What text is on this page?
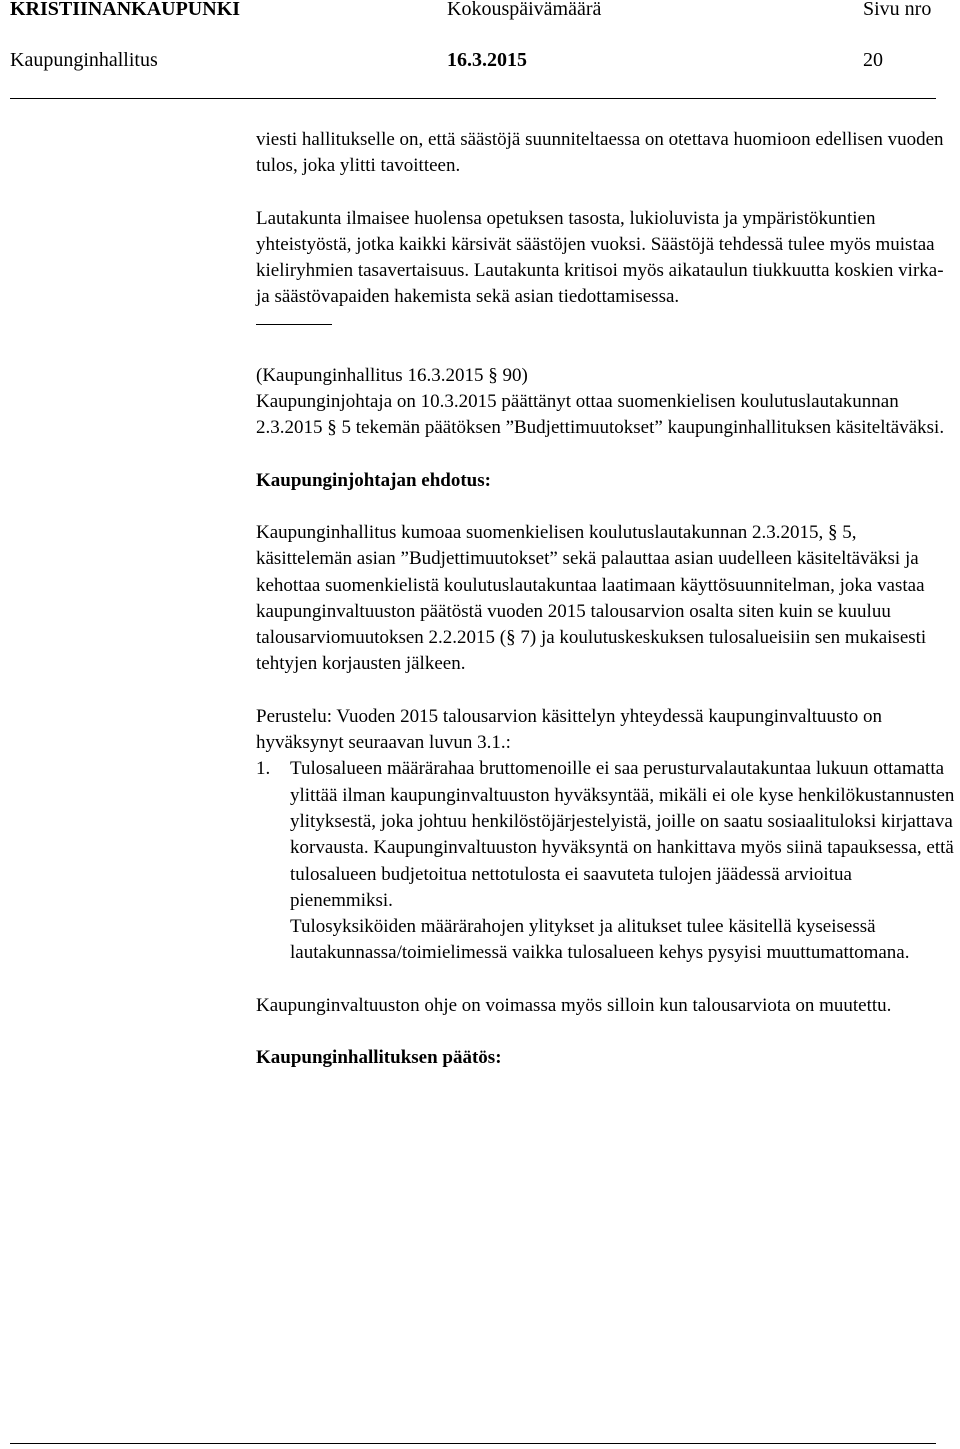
KRISTIINANKAUPUNKI	Kokouspäivämäärä	Sivu nro
Kaupunginhallitus	16.3.2015	20

viesti hallitukselle on, että säästöjä suunniteltaessa on otettava huomioon edellisen vuoden tulos, joka ylitti tavoitteen.

Lautakunta ilmaisee huolensa opetuksen tasosta, lukioluvista ja ympäristökuntien yhteistyöstä, jotka kaikki kärsivät säästöjen vuoksi. Säästöjä tehdessä tulee myös muistaa kieliryhmien tasavertaisuus. Lautakunta kritisoi myös aikataulun tiukkuutta koskien virka- ja säästövapaiden hakemista sekä asian tiedottamisessa.

(Kaupunginhallitus 16.3.2015 § 90)

Kaupunginjohtaja on 10.3.2015 päättänyt ottaa suomenkielisen koulutuslautakunnan 2.3.2015 § 5 tekemän päätöksen ”Budjettimuutokset” kaupunginhallituksen käsiteltäväksi.

Kaupunginjohtajan ehdotus:

Kaupunginhallitus kumoaa suomenkielisen koulutuslautakunnan 2.3.2015, § 5, käsittelemän asian ”Budjettimuutokset” sekä palauttaa asian uudelleen käsiteltäväksi ja kehottaa suomenkielistä koulutuslautakuntaa laatimaan käyttösuunnitelman, joka vastaa kaupunginvaltuuston päätöstä vuoden 2015 talousarvion osalta siten kuin se kuuluu talousarviomuutoksen 2.2.2015 (§ 7) ja koulutuskeskuksen tulosalueisiin sen mukaisesti tehtyjen korjausten jälkeen.

Perustelu: Vuoden 2015 talousarvion käsittelyn yhteydessä kaupunginvaltuusto on hyväksynyt seuraavan luvun 3.1.:

1. Tulosalueen määrärahaa bruttomenoille ei saa perusturvalautakuntaa lukuun ottamatta ylittää ilman kaupunginvaltuuston hyväksyntää, mikäli ei ole kyse henkilökustannusten ylityksestä, joka johtuu henkilöstöjärjestelyistä, joille on saatu sosiaalituloksi kirjattava korvausta. Kaupunginvaltuuston hyväksyntä on hankittava myös siinä tapauksessa, että tulosalueen budjetoitua nettotulosta ei saavuteta tulojen jäädessä arvioitua pienemmiksi.

Tulosyksiköiden määrärahojen ylitykset ja alitukset tulee käsitellä kyseisessä lautakunnassa/toimielimessä vaikka tulosalueen kehys pysyisi muuttumattomana.

Kaupunginvaltuuston ohje on voimassa myös silloin kun talousarviota on muutettu.

Kaupunginhallituksen päätös:
